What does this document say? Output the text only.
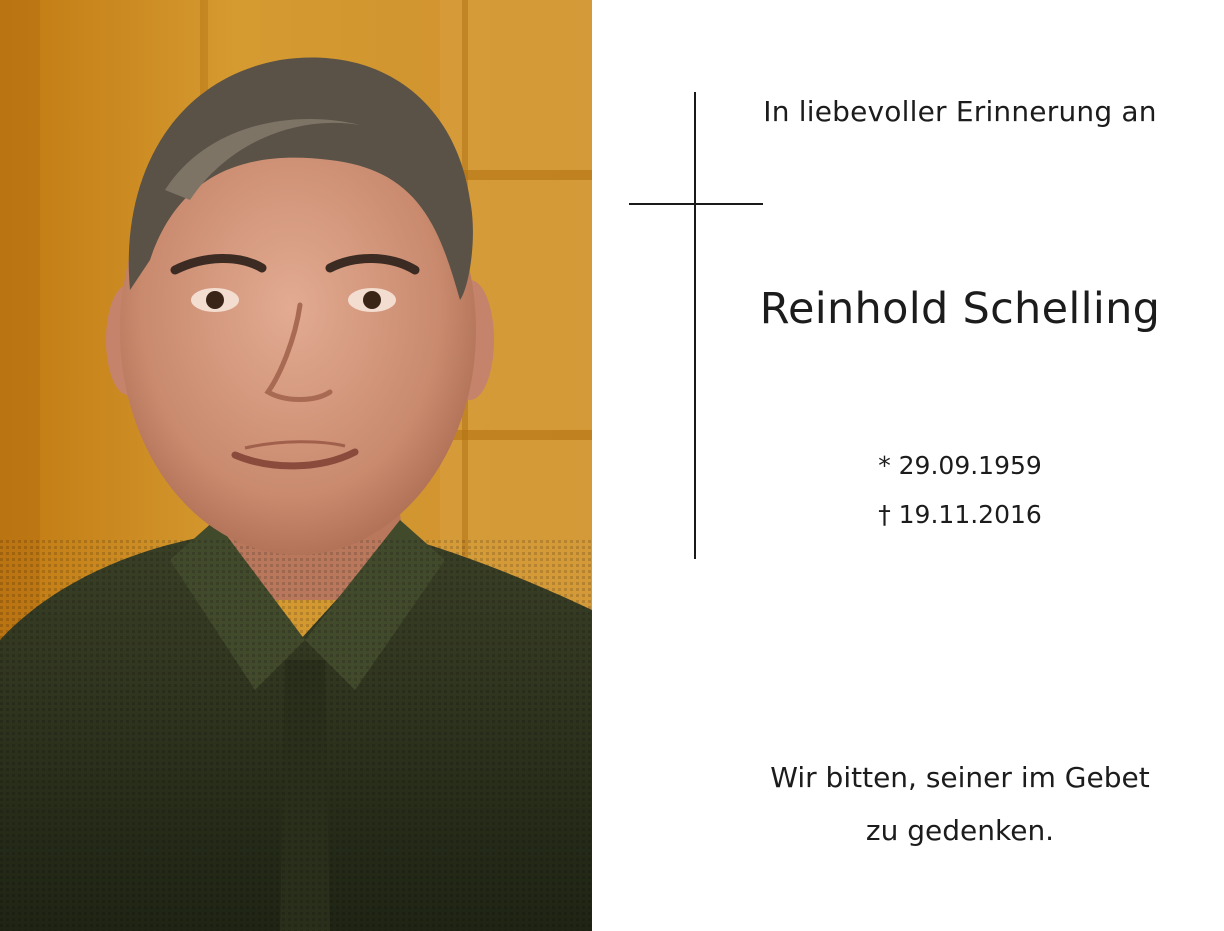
In liebevoller Erinnerung an
Reinhold Schelling
* 29.09.1959
† 19.11.2016
Wir bitten, seiner im Gebet
zu gedenken.
